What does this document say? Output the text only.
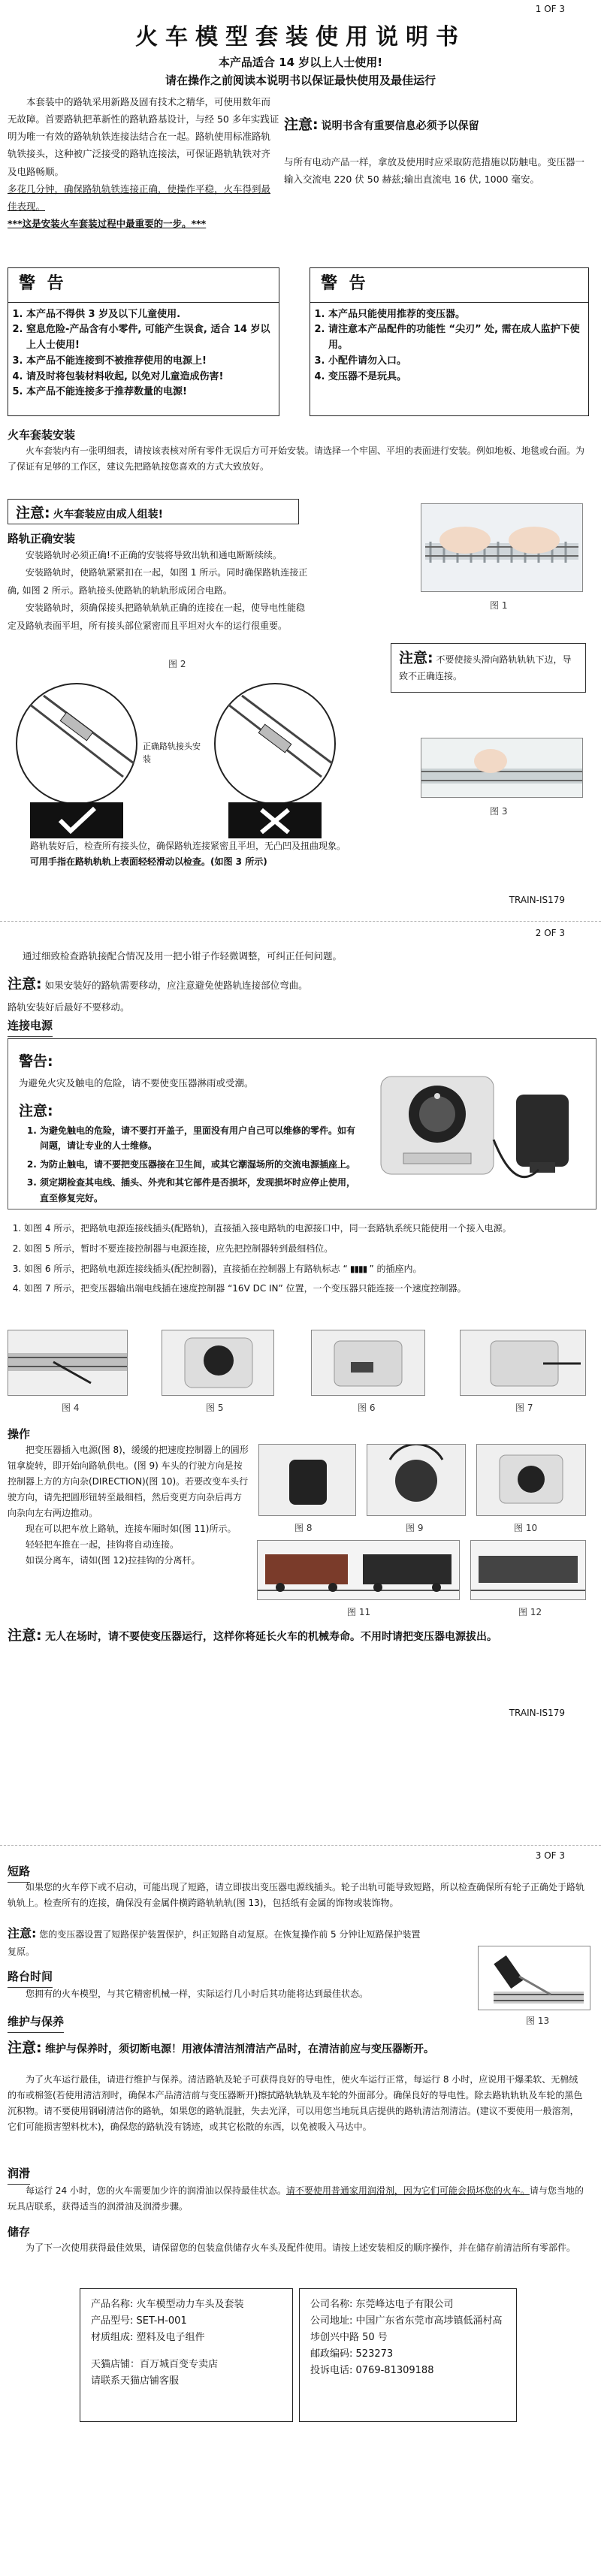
1 OF 3
火车模型套装使用说明书
本产品适合 14 岁以上人士使用!
请在操作之前阅读本说明书以保证最快使用及最佳运行

本套装中的路轨采用新路及固有技术之精华，可使用数年而无故障。首要路轨把革新性的路轨路基设计，与经 50 多年实践证明为唯一有效的路轨轨铁连接法结合在一起。路轨使用标准路轨轨铁接头，这种被广泛接受的路轨连接法，可保证路轨轨铁对齐及电路畅顺。

多花几分钟，确保路轨轨铁连接正确，使操作平稳，火车得到最佳表现。
***这是安装火车套装过程中最重要的一步。***
注意: 说明书含有重要信息必须予以保留
与所有电动产品一样，拿放及使用时应采取防范措施以防触电。变压器一输入交流电 220 伏 50 赫兹;输出直流电 16 伏, 1000 毫安。
警 告
1. 本产品不得供 3 岁及以下儿童使用.
2. 窒息危险-产品含有小零件, 可能产生误食, 适合 14 岁以上人士使用!
3. 本产品不能连接到不被推荐使用的电源上!
4. 请及时将包装材料收起, 以免对儿童造成伤害!
5. 本产品不能连接多于推荐数量的电源!
警 告
1. 本产品只能使用推荐的变压器。
2. 请注意本产品配件的功能性 “尖刃” 处, 需在成人监护下使用。
3. 小配件请勿入口。
4. 变压器不是玩具。
火车套装安装

火车套装内有一张明细表，请按该表核对所有零件无误后方可开始安装。请选择一个牢固、平坦的表面进行安装。例如地板、地毯或台面。为了保证有足够的工作区，建议先把路轨按您喜欢的方式大致放好。

注意: 火车套装应由成人组装!
路轨正确安装

安装路轨时必须正确!不正确的安装将导致出轨和通电断断续续。

安装路轨时，使路轨紧紧扣在一起，如图 1 所示。同时确保路轨连接正确, 如图 2 所示。路轨接头使路轨的轨轨形成闭合电路。

安装路轨时，须确保接头把路轨轨轨正确的连接在一起，使导电性能稳定及路轨表面平坦，所有接头部位紧密而且平坦对火车的运行很重要。

图 1
注意: 不要使接头滑向路轨轨轨下边，导致不正确连接。
图 2
正确路轨接头安装
图 3
路轨装好后，检查所有接头位，确保路轨连接紧密且平坦，无凸凹及扭曲现象。
可用手指在路轨轨轨上表面轻轻滑动以检查。(如图 3 所示)
TRAIN-IS179
2 OF 3
通过细致检查路轨接配合情况及用一把小钳子作轻微调整，可纠正任何问题。
注意: 如果安装好的路轨需要移动，应注意避免使路轨连接部位弯曲。
路轨安装好后最好不要移动。
连接电源
警告:
为避免火灾及触电的危险，请不要使变压器淋雨或受潮。
注意:
1. 为避免触电的危险，请不要打开盖子，里面没有用户自己可以维修的零件。如有问题，请让专业的人士维修。
2. 为防止触电，请不要把变压器接在卫生间，或其它潮湿场所的交流电源插座上。
3. 须定期检查其电线、插头、外壳和其它部件是否损坏，发现损坏时应停止使用，直至修复完好。
1. 如图 4 所示，把路轨电源连接线插头(配路轨)，直接插入接电路轨的电源接口中，同一套路轨系统只能使用一个接入电源。
2. 如图 5 所示，暂时不要连接控制器与电源连接，应先把控制器转到最细档位。
3. 如图 6 所示，把路轨电源连接线插头(配控制器)，直接插在控制器上有路轨标志 “ ▮▮▮▮ ” 的插座内。
4. 如图 7 所示，把变压器输出端电线插在速度控制器 “16V DC IN” 位置，一个变压器只能连接一个速度控制器。
图 4	图 5	图 6	图 7
操作

把变压器插入电源(图 8)，缓缓的把速度控制器上的圆形钮拿旋转，即开始向路轨供电。(图 9) 车头的行驶方向是按控制器上方的方向杂(DIRECTION)(图 10)。若要改变车头行驶方向，请先把圆形钮转至最细档，然后变更方向杂后再方向杂向左右两边推动。

现在可以把车放上路轨，连接车厢时如(图 11)所示。

轻轻把车推在一起，挂钩将自动连接。

如误分离车，请如(图 12)拉挂钩的分离杆。

图 8	图 9	图 10
图 11	图 12
注意: 无人在场时，请不要使变压器运行，这样你将延长火车的机械寿命。不用时请把变压器电源拔出。
TRAIN-IS179
3 OF 3
短路

如果您的火车停下或不启动，可能出现了短路，请立即拔出变压器电源线插头。轮子出轨可能导致短路，所以检查确保所有轮子正确处于路轨轨轨上。检查所有的连接，确保没有金属件横跨路轨轨轨(图 13)，包括纸有金属的饰物或装饰物。

注意: 您的变压器设置了短路保护装置保护，纠正短路自动复原。在恢复操作前 5 分钟让短路保护装置复原。
路台时间

您拥有的火车模型，与其它精密机械一样，实际运行几小时后其功能将达到最佳状态。

图 13
维护与保养
注意: 维护与保养时，须切断电源！用液体清洁剂清洁产品时，在清洁前应与变压器断开。

为了火车运行最佳，请进行维护与保养。清洁路轨及轮子可获得良好的导电性，使火车运行正常，每运行 8 小时，应说用干爆柔软、无棉绒的布或棉签(若使用清洁剂时，确保本产品清洁前与变压器断开)擦拭路轨轨轨及车轮的外面部分。确保良好的导电性。除去路轨轨轨及车轮的黑色沉积物。请不要使用钢刷清洁你的路轨，如果您的路轨混脏，失去光泽，可以用您当地玩具店提供的路轨清洁剂清洁。(建议不要使用一般溶剂，它们可能损害塑料枕木)，确保您的路轨没有锈迹，或其它松散的东西，以免被吸入马达中。

润滑
每运行 24 小时，您的火车需要加少许的润滑油以保持最佳状态。请不要使用普通家用润滑剂，因为它们可能会损坏您的火车。请与您当地的玩具店联系，获得适当的润滑油及润滑步骤。
储存

为了下一次使用获得最佳效果，请保留您的包装盒供储存火车头及配件使用。请按上述安装相反的顺序操作，并在储存前清洁所有零部件。

产品名称: 火车模型动力车头及套装
产品型号: SET-H-001
材质组成: 塑料及电子组件
天猫店铺：百万城百变专卖店
请联系天猫店铺客服
公司名称: 东莞峰达电子有限公司
公司地址: 中国广东省东莞市高埗镇低涌村高埗创兴中路 50 号
邮政编码: 523273
投诉电话: 0769-81309188
